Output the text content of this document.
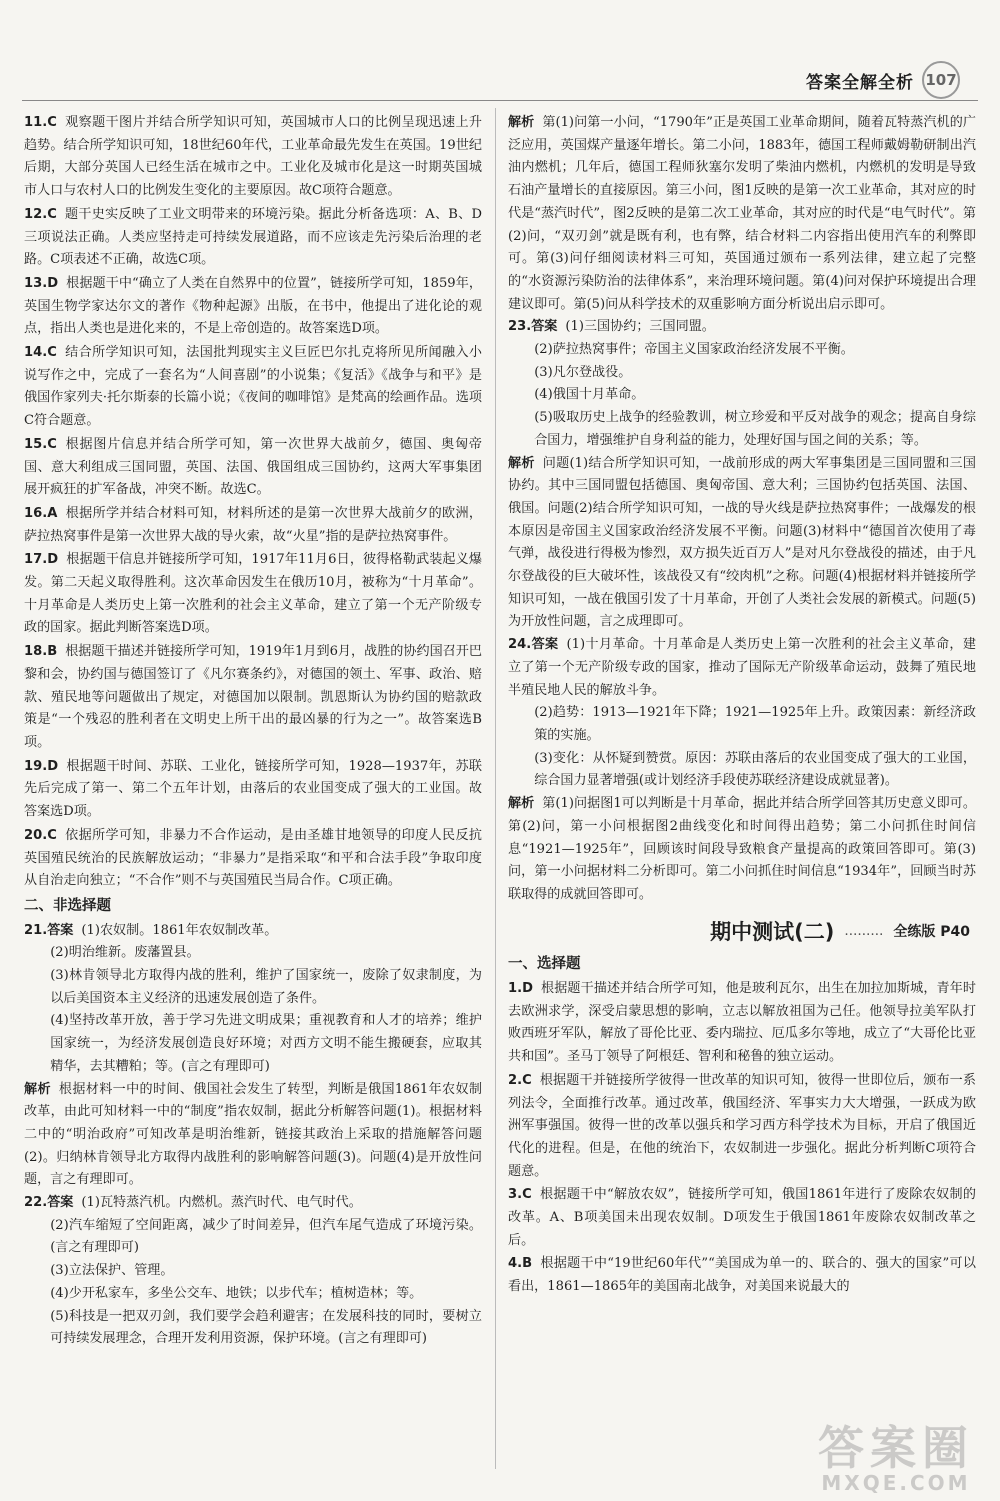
答案全解全析 107

11.C 观察题干图片并结合所学知识可知，英国城市人口的比例呈现迅速上升趋势。结合所学知识可知，18世纪60年代，工业革命最先发生在英国。19世纪后期，大部分英国人已经生活在城市之中。工业化及城市化是这一时期英国城市人口与农村人口的比例发生变化的主要原因。故C项符合题意。

12.C 题干史实反映了工业文明带来的环境污染。据此分析备选项：A、B、D三项说法正确。人类应坚持走可持续发展道路，而不应该走先污染后治理的老路。C项表述不正确，故选C项。

13.D 根据题干中“确立了人类在自然界中的位置”，链接所学可知，1859年，英国生物学家达尔文的著作《物种起源》出版，在书中，他提出了进化论的观点，指出人类也是进化来的，不是上帝创造的。故答案选D项。

14.C 结合所学知识可知，法国批判现实主义巨匠巴尔扎克将所见所闻融入小说写作之中，完成了一套名为“人间喜剧”的小说集；《复活》《战争与和平》是俄国作家列夫·托尔斯泰的长篇小说；《夜间的咖啡馆》是梵高的绘画作品。选项C符合题意。

15.C 根据图片信息并结合所学可知，第一次世界大战前夕，德国、奥匈帝国、意大利组成三国同盟，英国、法国、俄国组成三国协约，这两大军事集团展开疯狂的扩军备战，冲突不断。故选C。

16.A 根据所学并结合材料可知，材料所述的是第一次世界大战前夕的欧洲，萨拉热窝事件是第一次世界大战的导火索，故“火星”指的是萨拉热窝事件。

17.D 根据题干信息并链接所学可知，1917年11月6日，彼得格勒武装起义爆发。第二天起义取得胜利。这次革命因发生在俄历10月，被称为“十月革命”。十月革命是人类历史上第一次胜利的社会主义革命，建立了第一个无产阶级专政的国家。据此判断答案选D项。

18.B 根据题干描述并链接所学可知，1919年1月到6月，战胜的协约国召开巴黎和会，协约国与德国签订了《凡尔赛条约》，对德国的领土、军事、政治、赔款、殖民地等问题做出了规定，对德国加以限制。凯恩斯认为协约国的赔款政策是“一个残忍的胜利者在文明史上所干出的最凶暴的行为之一”。故答案选B项。

19.D 根据题干时间、苏联、工业化，链接所学可知，1928—1937年，苏联先后完成了第一、第二个五年计划，由落后的农业国变成了强大的工业国。故答案选D项。

20.C 依据所学可知，非暴力不合作运动，是由圣雄甘地领导的印度人民反抗英国殖民统治的民族解放运动；“非暴力”是指采取“和平和合法手段”争取印度从自治走向独立；“不合作”则不与英国殖民当局合作。C项正确。

二、非选择题

21.答案 (1)农奴制。1861年农奴制改革。

(2)明治维新。废藩置县。

(3)林肯领导北方取得内战的胜利，维护了国家统一，废除了奴隶制度，为以后美国资本主义经济的迅速发展创造了条件。

(4)坚持改革开放，善于学习先进文明成果；重视教育和人才的培养；维护国家统一，为经济发展创造良好环境；对西方文明不能生搬硬套，应取其精华，去其糟粕；等。(言之有理即可)

解析 根据材料一中的时间、俄国社会发生了转型，判断是俄国1861年农奴制改革，由此可知材料一中的“制度”指农奴制，据此分析解答问题(1)。根据材料二中的“明治政府”可知改革是明治维新，链接其政治上采取的措施解答问题(2)。归纳林肯领导北方取得内战胜利的影响解答问题(3)。问题(4)是开放性问题，言之有理即可。

22.答案 (1)瓦特蒸汽机。内燃机。蒸汽时代、电气时代。

(2)汽车缩短了空间距离，减少了时间差异，但汽车尾气造成了环境污染。(言之有理即可)

(3)立法保护、管理。

(4)少开私家车，多坐公交车、地铁；以步代车；植树造林；等。

(5)科技是一把双刃剑，我们要学会趋利避害；在发展科技的同时，要树立可持续发展理念，合理开发利用资源，保护环境。(言之有理即可)

解析 第(1)问第一小问，“1790年”正是英国工业革命期间，随着瓦特蒸汽机的广泛应用，英国煤产量逐年增长。第二小问，1883年，德国工程师戴姆勒研制出汽油内燃机；几年后，德国工程师狄塞尔发明了柴油内燃机，内燃机的发明是导致石油产量增长的直接原因。第三小问，图1反映的是第一次工业革命，其对应的时代是“蒸汽时代”，图2反映的是第二次工业革命，其对应的时代是“电气时代”。第(2)问，“双刃剑”就是既有利，也有弊，结合材料二内容指出使用汽车的利弊即可。第(3)问仔细阅读材料三可知，英国通过颁布一系列法律，建立起了完整的“水资源污染防治的法律体系”，来治理环境问题。第(4)问对保护环境提出合理建议即可。第(5)问从科学技术的双重影响方面分析说出启示即可。

23.答案 (1)三国协约；三国同盟。

(2)萨拉热窝事件；帝国主义国家政治经济发展不平衡。

(3)凡尔登战役。

(4)俄国十月革命。

(5)吸取历史上战争的经验教训，树立珍爱和平反对战争的观念；提高自身综合国力，增强维护自身利益的能力，处理好国与国之间的关系；等。

解析 问题(1)结合所学知识可知，一战前形成的两大军事集团是三国同盟和三国协约。其中三国同盟包括德国、奥匈帝国、意大利；三国协约包括英国、法国、俄国。问题(2)结合所学知识可知，一战的导火线是萨拉热窝事件；一战爆发的根本原因是帝国主义国家政治经济发展不平衡。问题(3)材料中“德国首次使用了毒气弹，战役进行得极为惨烈，双方损失近百万人”是对凡尔登战役的描述，由于凡尔登战役的巨大破坏性，该战役又有“绞肉机”之称。问题(4)根据材料并链接所学知识可知，一战在俄国引发了十月革命，开创了人类社会发展的新模式。问题(5)为开放性问题，言之成理即可。

24.答案 (1)十月革命。十月革命是人类历史上第一次胜利的社会主义革命，建立了第一个无产阶级专政的国家，推动了国际无产阶级革命运动，鼓舞了殖民地半殖民地人民的解放斗争。

(2)趋势：1913—1921年下降；1921—1925年上升。政策因素：新经济政策的实施。

(3)变化：从怀疑到赞赏。原因：苏联由落后的农业国变成了强大的工业国，综合国力显著增强(或计划经济手段使苏联经济建设成就显著)。

解析 第(1)问据图1可以判断是十月革命，据此并结合所学回答其历史意义即可。第(2)问，第一小问根据图2曲线变化和时间得出趋势；第二小问抓住时间信息“1921—1925年”，回顾该时间段导致粮食产量提高的政策回答即可。第(3)问，第一小问据材料二分析即可。第二小问抓住时间信息“1934年”，回顾当时苏联取得的成就回答即可。

期中测试(二) ……… 全练版 P40
一、选择题

1.D 根据题干描述并结合所学可知，他是玻利瓦尔，出生在加拉加斯城，青年时去欧洲求学，深受启蒙思想的影响，立志以解放祖国为己任。他领导拉美军队打败西班牙军队，解放了哥伦比亚、委内瑞拉、厄瓜多尔等地，成立了“大哥伦比亚共和国”。圣马丁领导了阿根廷、智利和秘鲁的独立运动。

2.C 根据题干并链接所学彼得一世改革的知识可知，彼得一世即位后，颁布一系列法令，全面推行改革。通过改革，俄国经济、军事实力大大增强，一跃成为欧洲军事强国。彼得一世的改革以强兵和学习西方科学技术为目标，开启了俄国近代化的进程。但是，在他的统治下，农奴制进一步强化。据此分析判断C项符合题意。

3.C 根据题干中“解放农奴”，链接所学可知，俄国1861年进行了废除农奴制的改革。A、B项美国未出现农奴制。D项发生于俄国1861年废除农奴制改革之后。

4.B 根据题干中“19世纪60年代”“美国成为单一的、联合的、强大的国家”可以看出，1861—1865年的美国南北战争，对美国来说最大的

答案圈
MXQE.COM
